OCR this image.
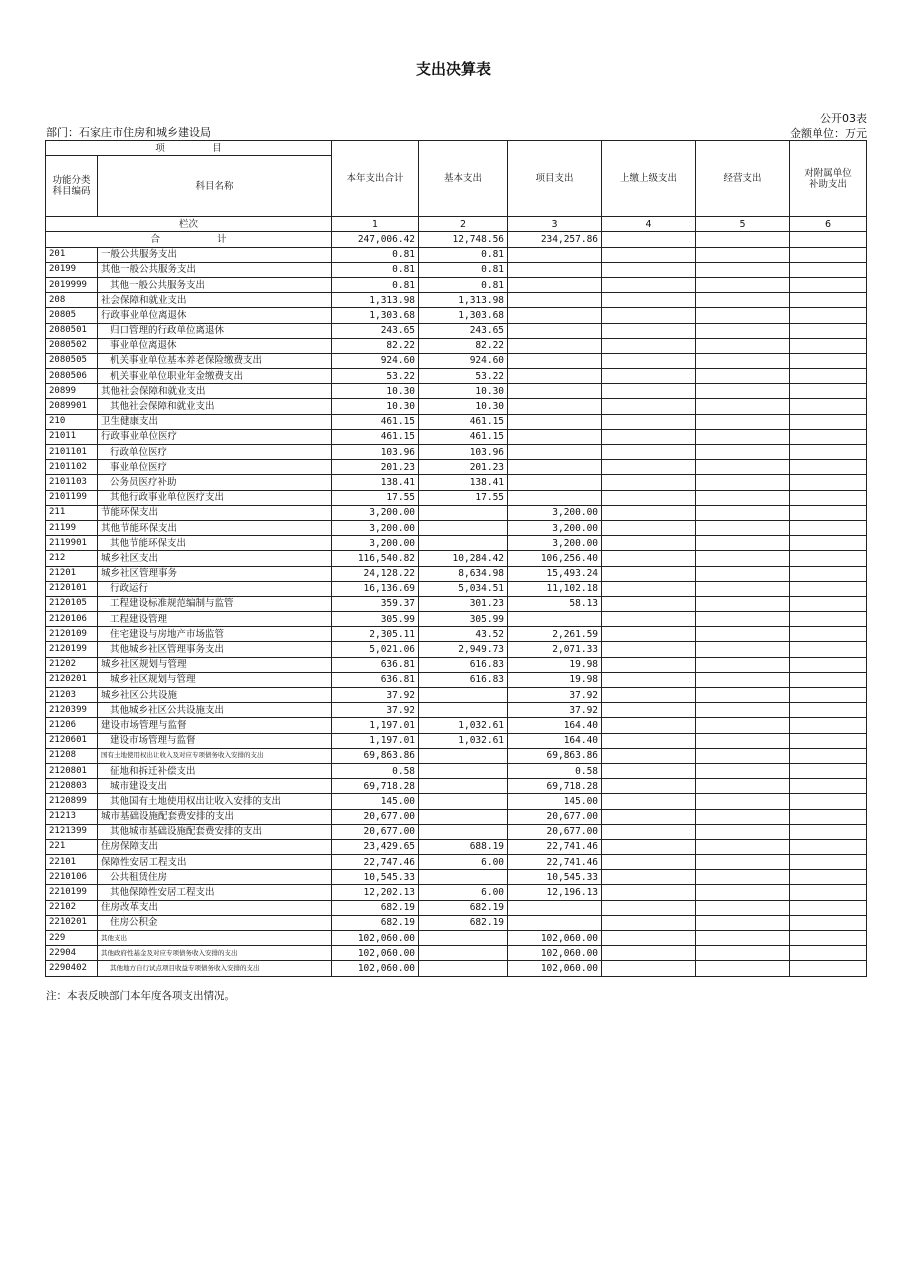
支出决算表
公开03表
部门：石家庄市住房和城乡建设局	金额单位：万元
项　　　　　目		本年支出合计	基本支出	项目支出	上缴上级支出	经营支出	对附属单位
补助支出
功能分类
科目编码	科目名称						
栏次		1	2	3	4	5	6
合　　　　　　计		247,006.42	12,748.56	234,257.86			
201	一般公共服务支出	0.81	0.81				
20199	其他一般公共服务支出	0.81	0.81				
2019999	其他一般公共服务支出	0.81	0.81				
208	社会保障和就业支出	1,313.98	1,313.98				
20805	行政事业单位离退休	1,303.68	1,303.68				
2080501	归口管理的行政单位离退休	243.65	243.65				
2080502	事业单位离退休	82.22	82.22				
2080505	机关事业单位基本养老保险缴费支出	924.60	924.60				
2080506	机关事业单位职业年金缴费支出	53.22	53.22				
20899	其他社会保障和就业支出	10.30	10.30				
2089901	其他社会保障和就业支出	10.30	10.30				
210	卫生健康支出	461.15	461.15				
21011	行政事业单位医疗	461.15	461.15				
2101101	行政单位医疗	103.96	103.96				
2101102	事业单位医疗	201.23	201.23				
2101103	公务员医疗补助	138.41	138.41				
2101199	其他行政事业单位医疗支出	17.55	17.55				
211	节能环保支出	3,200.00		3,200.00			
21199	其他节能环保支出	3,200.00		3,200.00			
2119901	其他节能环保支出	3,200.00		3,200.00			
212	城乡社区支出	116,540.82	10,284.42	106,256.40			
21201	城乡社区管理事务	24,128.22	8,634.98	15,493.24			
2120101	行政运行	16,136.69	5,034.51	11,102.18			
2120105	工程建设标准规范编制与监管	359.37	301.23	58.13			
2120106	工程建设管理	305.99	305.99				
2120109	住宅建设与房地产市场监管	2,305.11	43.52	2,261.59			
2120199	其他城乡社区管理事务支出	5,021.06	2,949.73	2,071.33			
21202	城乡社区规划与管理	636.81	616.83	19.98			
2120201	城乡社区规划与管理	636.81	616.83	19.98			
21203	城乡社区公共设施	37.92		37.92			
2120399	其他城乡社区公共设施支出	37.92		37.92			
21206	建设市场管理与监督	1,197.01	1,032.61	164.40			
2120601	建设市场管理与监督	1,197.01	1,032.61	164.40			
21208	国有土地使用权出让收入及对应专项债务收入安排的支出	69,863.86		69,863.86			
2120801	征地和拆迁补偿支出	0.58		0.58			
2120803	城市建设支出	69,718.28		69,718.28			
2120899	其他国有土地使用权出让收入安排的支出	145.00		145.00			
21213	城市基础设施配套费安排的支出	20,677.00		20,677.00			
2121399	其他城市基础设施配套费安排的支出	20,677.00		20,677.00			
221	住房保障支出	23,429.65	688.19	22,741.46			
22101	保障性安居工程支出	22,747.46	6.00	22,741.46			
2210106	公共租赁住房	10,545.33		10,545.33			
2210199	其他保障性安居工程支出	12,202.13	6.00	12,196.13			
22102	住房改革支出	682.19	682.19				
2210201	住房公积金	682.19	682.19				
229	其他支出	102,060.00		102,060.00			
22904	其他政府性基金及对应专项债务收入安排的支出	102,060.00		102,060.00			
2290402	其他地方自行试点项目收益专项债务收入安排的支出	102,060.00		102,060.00			
注：本表反映部门本年度各项支出情况。
